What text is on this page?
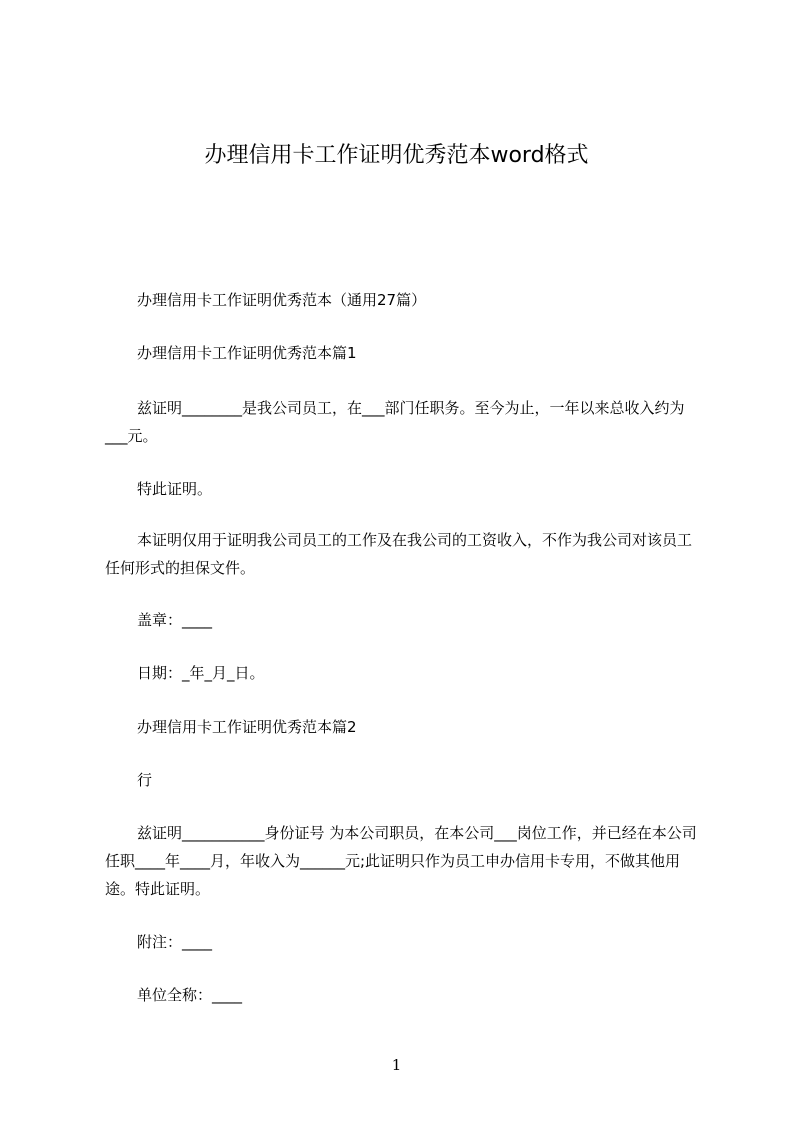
办理信用卡工作证明优秀范本word格式

办理信用卡工作证明优秀范本（通用27篇）

办理信用卡工作证明优秀范本篇1

兹证明________是我公司员工，在___部门任职务。至今为止，一年以来总收入约为___元。

特此证明。

本证明仅用于证明我公司员工的工作及在我公司的工资收入，不作为我公司对该员工任何形式的担保文件。

盖章：____

日期：_年_月_日。

办理信用卡工作证明优秀范本篇2

行

兹证明___________身份证号 为本公司职员，在本公司___岗位工作，并已经在本公司任职____年____月，年收入为______元;此证明只作为员工申办信用卡专用，不做其他用途。特此证明。

附注：____

单位全称：____

1
